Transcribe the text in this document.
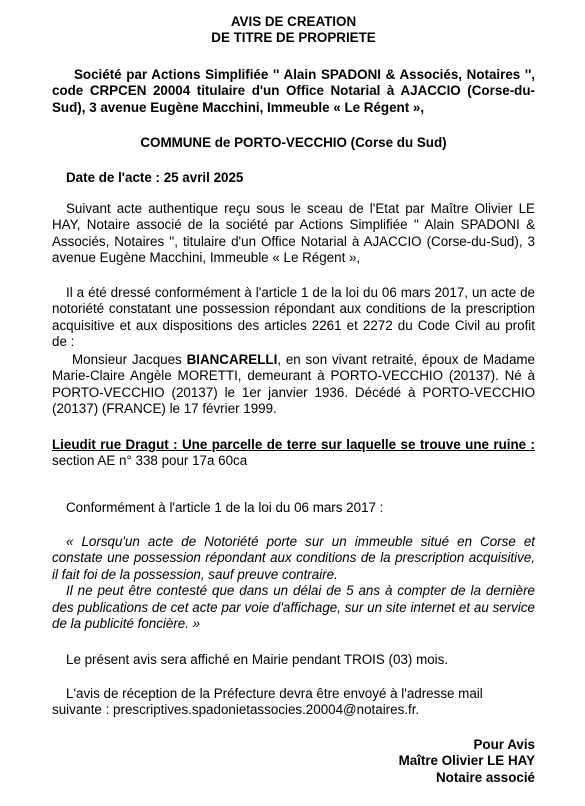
AVIS DE CREATION

DE TITRE DE PROPRIETE

Société par Actions Simplifiée '' Alain SPADONI & Associés, Notaires '', code CRPCEN 20004 titulaire d'un Office Notarial à AJACCIO (Corse-du-Sud), 3 avenue Eugène Macchini, Immeuble « Le Régent »,

COMMUNE de PORTO-VECCHIO (Corse du Sud)

Date de l'acte : 25 avril 2025

Suivant acte authentique reçu sous le sceau de l'Etat par Maître Olivier LE HAY, Notaire associé de la société par Actions Simplifiée '' Alain SPADONI & Associés, Notaires '', titulaire d'un Office Notarial à AJACCIO (Corse-du-Sud), 3 avenue Eugène Macchini, Immeuble « Le Régent »,

Il a été dressé conformément à l'article 1 de la loi du 06 mars 2017, un acte de notoriété constatant une possession répondant aux conditions de la prescription acquisitive et aux dispositions des articles 2261 et 2272 du Code Civil au profit de :

Monsieur Jacques BIANCARELLI, en son vivant retraité, époux de Madame Marie-Claire Angèle MORETTI, demeurant à PORTO-VECCHIO (20137). Né à PORTO-VECCHIO (20137) le 1er janvier 1936. Décédé à PORTO-VECCHIO (20137) (FRANCE) le 17 février 1999.

Lieudit rue Dragut : Une parcelle de terre sur laquelle se trouve une ruine : section AE n° 338 pour 17a 60ca

Conformément à l'article 1 de la loi du 06 mars 2017 :

« Lorsqu'un acte de Notoriété porte sur un immeuble situé en Corse et constate une possession répondant aux conditions de la prescription acquisitive, il fait foi de la possession, sauf preuve contraire.

Il ne peut être contesté que dans un délai de 5 ans à compter de la dernière des publications de cet acte par voie d'affichage, sur un site internet et au service de la publicité foncière. »

Le présent avis sera affiché en Mairie pendant TROIS (03) mois.

L'avis de réception de la Préfecture devra être envoyé à l'adresse mail suivante : prescriptives.spadonietassocies.20004@notaires.fr.

Pour Avis

Maître Olivier LE HAY

Notaire associé
